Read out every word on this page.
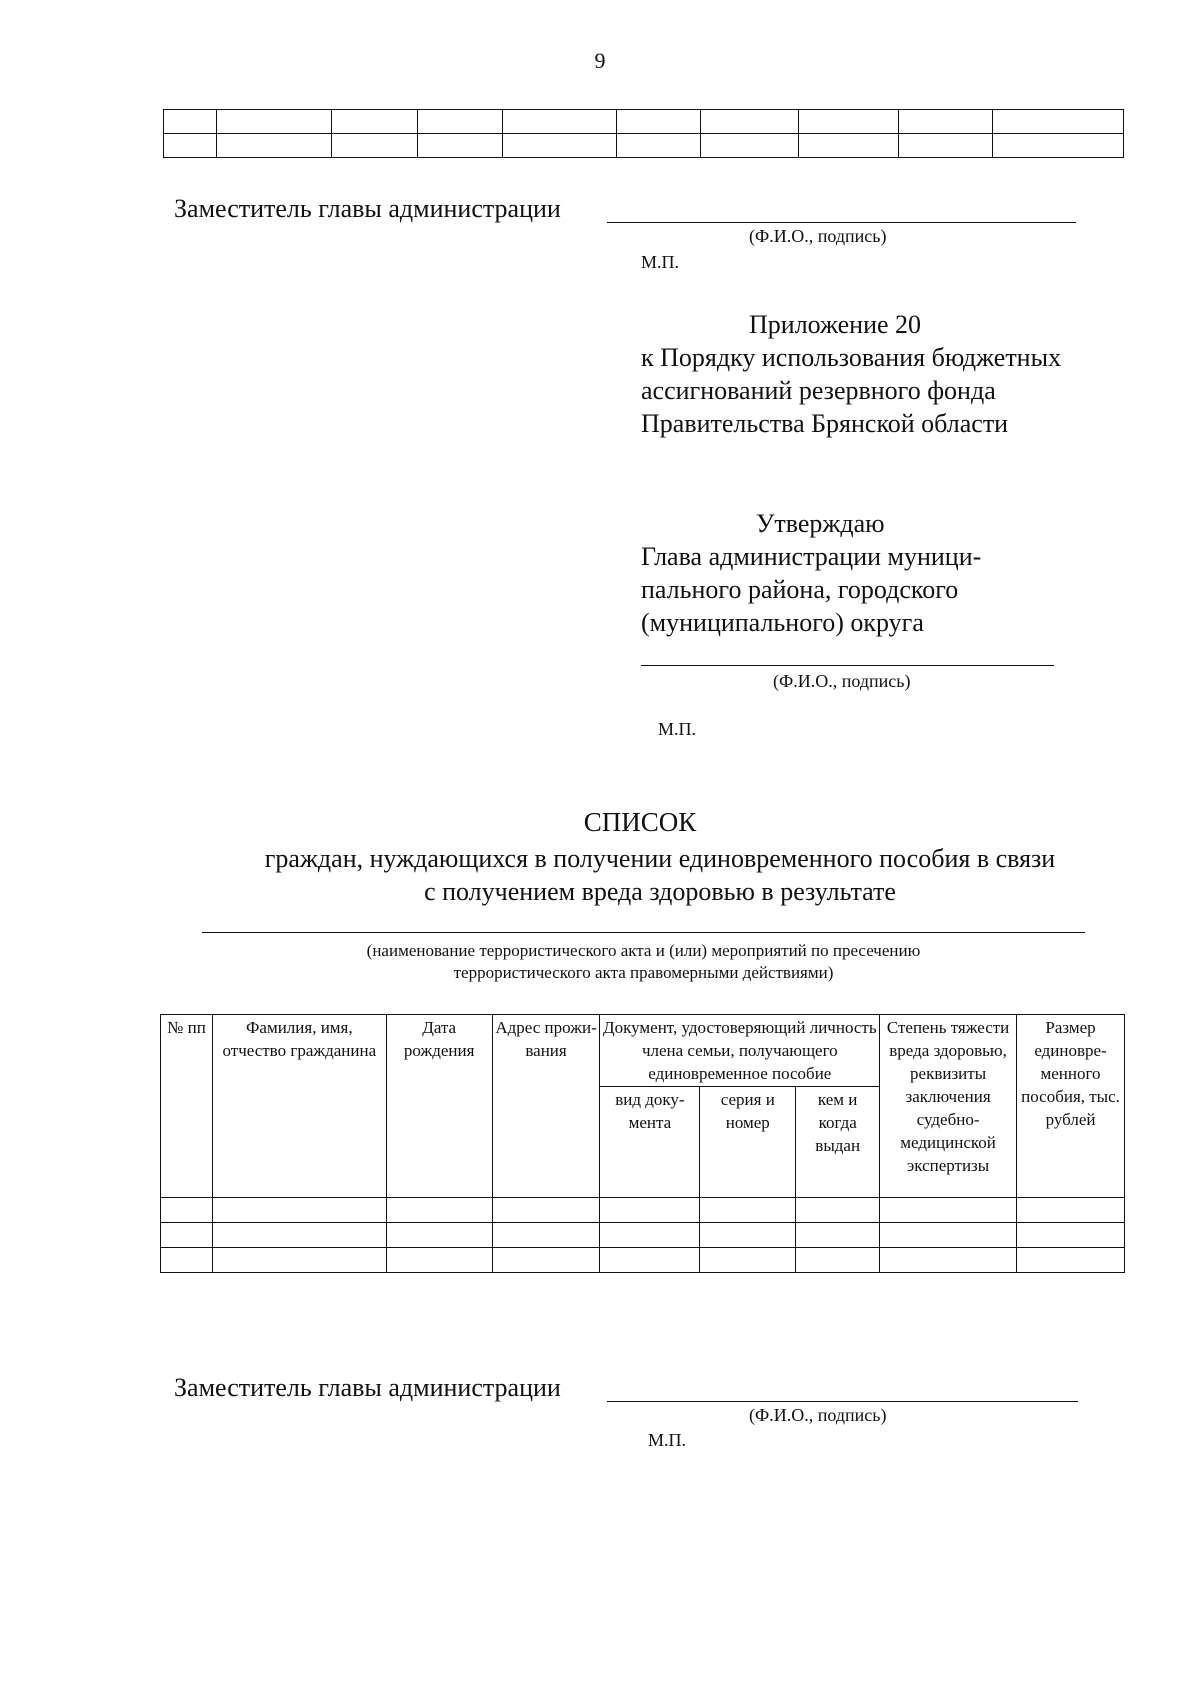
9

Заместитель главы администрации
(Ф.И.О., подпись)
М.П.
Приложение 20
к Порядку использования бюджетных
ассигнований резервного фонда
Правительства Брянской области
Утверждаю
Глава администрации муници-
пального района, городского
(муниципального) округа
(Ф.И.О., подпись)
М.П.
СПИСОК
граждан, нуждающихся в получении единовременного пособия в связи
с получением вреда здоровью в результате
(наименование террористического акта и (или) мероприятий по пресечению
террористического акта правомерными действиями)
№ пп	Фамилия, имя, отчество гражданина	Дата рождения	Адрес прожи-вания	Документ, удостоверяющий личность члена семьи, получающего единовременное пособие			Степень тяжести вреда здоровью, реквизиты заключения судебно-медицинской экспертизы	Размер единовре-менного пособия, тыс. рублей
				вид доку-мента	серия и номер	кем и когда выдан		

Заместитель главы администрации
(Ф.И.О., подпись)
М.П.
